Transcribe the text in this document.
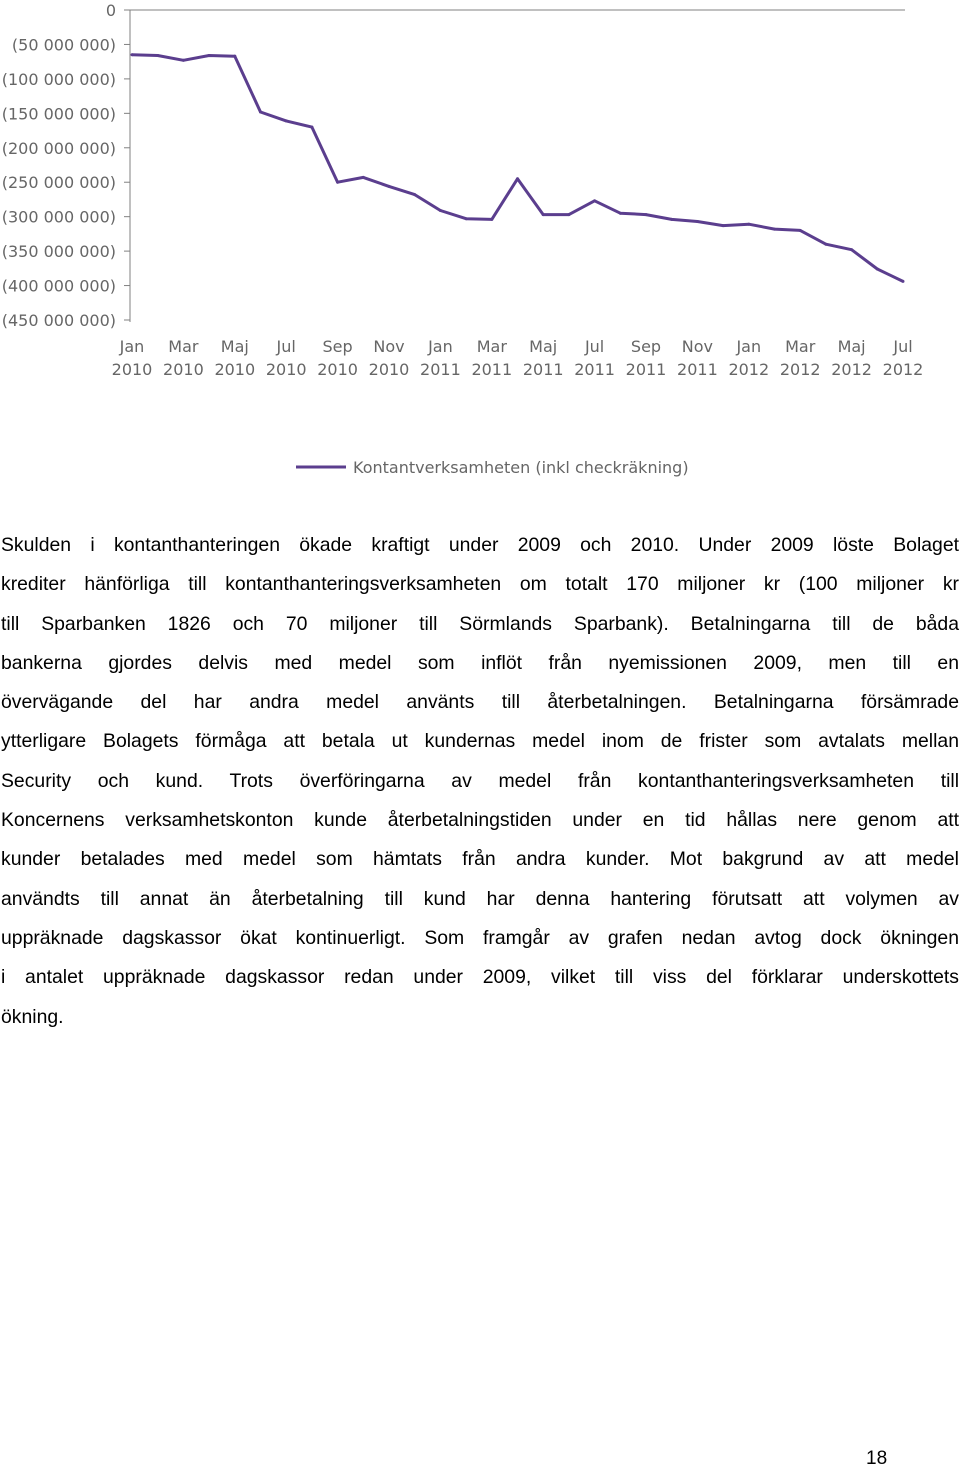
0
(50 000 000)
(100 000 000)
(150 000 000)
(200 000 000)
(250 000 000)
(300 000 000)
(350 000 000)
(400 000 000)
(450 000 000)
Jan
2010
Mar
2010
Maj
2010
Jul
2010
Sep
2010
Nov
2010
Jan
2011
Mar
2011
Maj
2011
Jul
2011
Sep
2011
Nov
2011
Jan
2012
Mar
2012
Maj
2012
Jul
2012
Kontantverksamheten (inkl checkräkning)
Skulden i kontanthanteringen ökade kraftigt under 2009 och 2010. Under 2009 löste Bolaget
krediter hänförliga till kontanthanteringsverksamheten om totalt 170 miljoner kr (100 miljoner kr
till Sparbanken 1826 och 70 miljoner till Sörmlands Sparbank). Betalningarna till de båda
bankerna gjordes delvis med medel som inflöt från nyemissionen 2009, men till en
övervägande del har andra medel använts till återbetalningen. Betalningarna försämrade
ytterligare Bolagets förmåga att betala ut kundernas medel inom de frister som avtalats mellan
Security och kund. Trots överföringarna av medel från kontanthanteringsverksamheten till
Koncernens verksamhetskonton kunde återbetalningstiden under en tid hållas nere genom att
kunder betalades med medel som hämtats från andra kunder. Mot bakgrund av att medel
användts till annat än återbetalning till kund har denna hantering förutsatt att volymen av
uppräknade dagskassor ökat kontinuerligt. Som framgår av grafen nedan avtog dock ökningen
i antalet uppräknade dagskassor redan under 2009, vilket till viss del förklarar underskottets
ökning.
18
